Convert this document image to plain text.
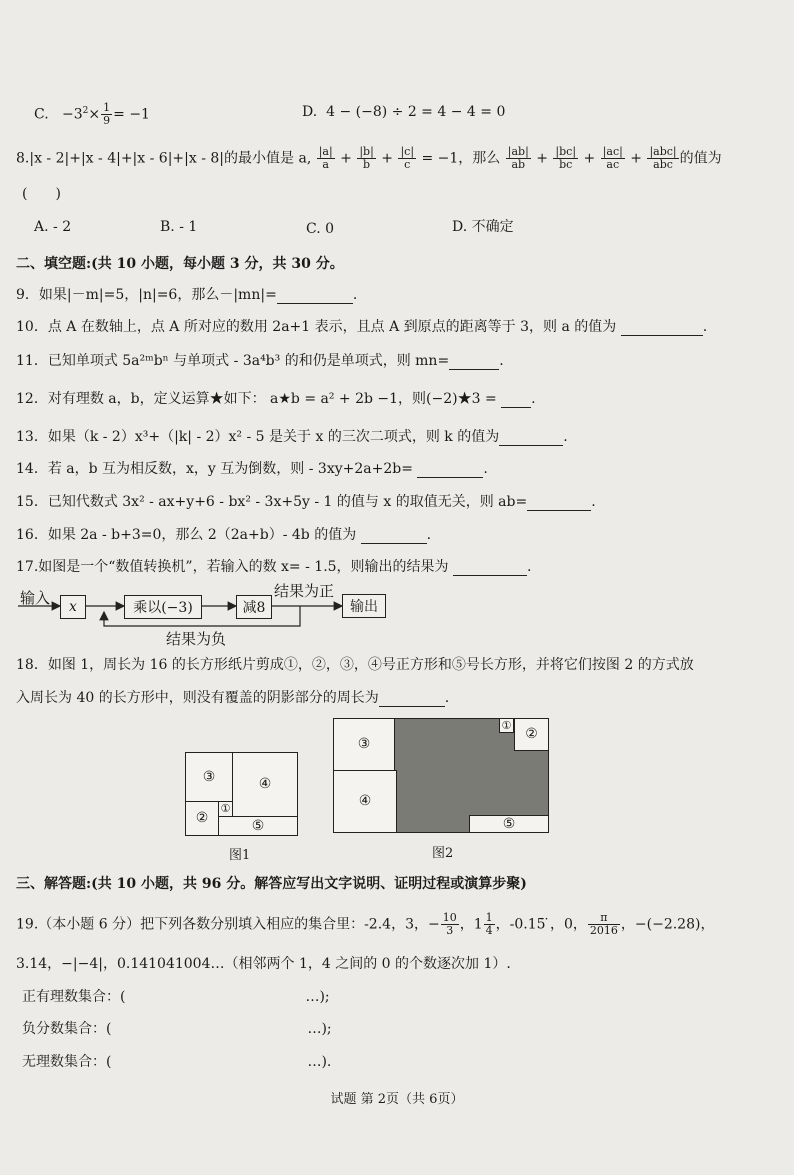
C. $-3^2\times \frac{1}{9} = -1$	D. 4 − (−8) ÷ 2 = 4 − 4 = 0
8.|x - 2|+|x - 4|+|x - 6|+|x - 8|的最小值是 a, $\frac{|a|}{a} + \frac{|b|}{b} + \frac{|c|}{c} = -1$，那么 $\frac{|ab|}{ab} + \frac{|bc|}{bc} + \frac{|ac|}{ac} + \frac{\text{|abc|}}{\text{abc}}$ 的值为
(　　)
A. - 2	B. - 1	C. 0	D. 不确定
二、填空题:(共 10 小题，每小题 3 分，共 30 分。
9．如果|－m|=5，|n|=6，那么－|mn|=	.
10．点 A 在数轴上，点 A 所对应的数用 2a+1 表示，且点 A 到原点的距离等于 3，则 a 的值为	.
11．已知单项式 5a²ᵐbⁿ 与单项式 - 3a⁴b³ 的和仍是单项式，则 mn=	.
12．对有理数 a，b，定义运算★如下： a★b = a² + 2b −1，则(−2)★3 = .
13．如果（k - 2）x³+（|k| - 2）x² - 5 是关于 x 的三次二项式，则 k 的值为	.
14．若 a，b 互为相反数，x，y 互为倒数，则 - 3xy+2a+2b=	.
15．已知代数式 3x² - ax+y+6 - bx² - 3x+5y - 1 的值与 x 的取值无关，则 ab=	.
16．如果 2a - b+3=0，那么 2（2a+b）- 4b 的值为	.
17.如图是一个“数值转换机”，若输入的数 x= - 1.5，则输出的结果为	.
输入	x	乘以(−3)	减8
结果为正
输出
结果为负
18．如图 1，周长为 16 的长方形纸片剪成①，②，③，④号正方形和⑤号长方形，并将它们按图 2 的方式放
入周长为 40 的长方形中，则没有覆盖的阴影部分的周长为	.
③	④
②
①
⑤
图1
③
④
①
②
⑤
图2
三、解答题:(共 10 小题，共 96 分。解答应写出文字说明、证明过程或演算步聚)
19.（本小题 6 分）把下列各数分别填入相应的集合里：-2.4，3，− $\frac{10}{3}$ ，$1 \frac{1}{4}$ ，-0.15̇ ̇，0， $\frac{\pi}{2016}$ ，−(−2.28)，
3.14，−|−4|，0.141041004…（相邻两个 1，4 之间的 0 的个数逐次加 1）.
正有理数集合：(	…);
负分数集合：(	…);
无理数集合：(	…).
试题 第 2页（共 6页）
